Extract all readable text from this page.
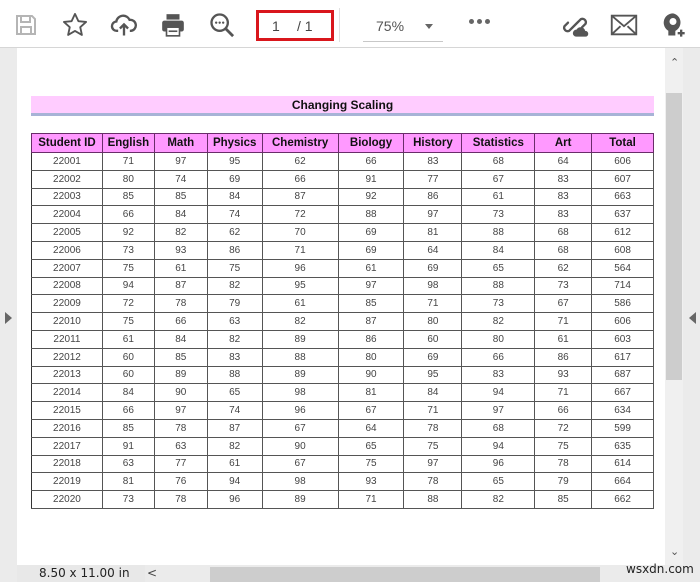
1 / 1	75%
Changing Scaling
Student ID	English	Math	Physics	Chemistry	Biology	History	Statistics	Art	Total
22001	71	97	95	62	66	83	68	64	606
22002	80	74	69	66	91	77	67	83	607
22003	85	85	84	87	92	86	61	83	663
22004	66	84	74	72	88	97	73	83	637
22005	92	82	62	70	69	81	88	68	612
22006	73	93	86	71	69	64	84	68	608
22007	75	61	75	96	61	69	65	62	564
22008	94	87	82	95	97	98	88	73	714
22009	72	78	79	61	85	71	73	67	586
22010	75	66	63	82	87	80	82	71	606
22011	61	84	82	89	86	60	80	61	603
22012	60	85	83	88	80	69	66	86	617
22013	60	89	88	89	90	95	83	93	687
22014	84	90	65	98	81	84	94	71	667
22015	66	97	74	96	67	71	97	66	634
22016	85	78	87	67	64	78	68	72	599
22017	91	63	82	90	65	75	94	75	635
22018	63	77	61	67	75	97	96	78	614
22019	81	76	94	98	93	78	65	79	664
22020	73	78	96	89	71	88	82	85	662
⌃
⌄
8.50 x 11.00 in	<	wsxdn.com
